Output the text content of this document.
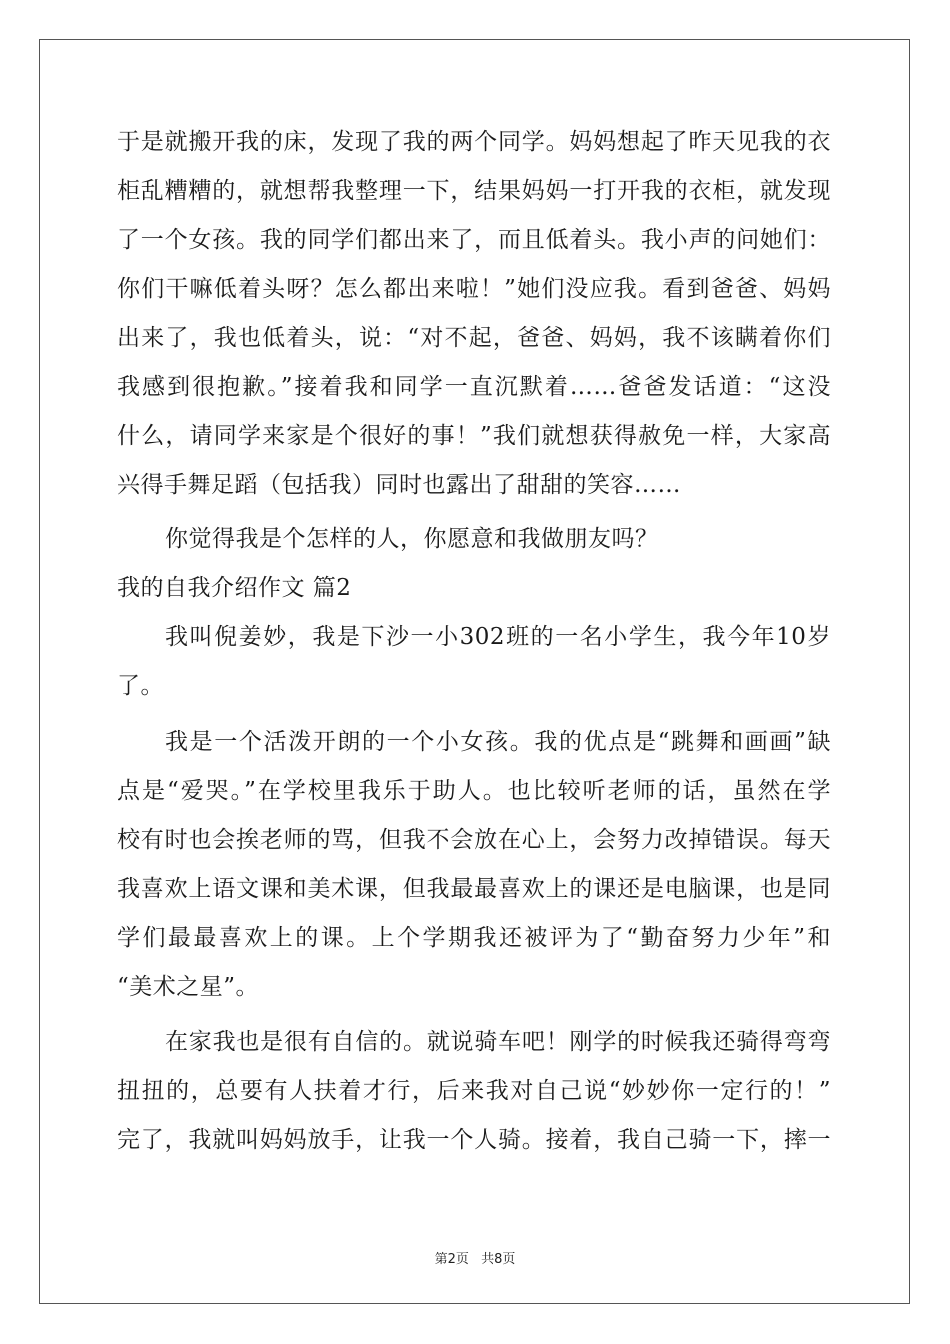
于是就搬开我的床，发现了我的两个同学。妈妈想起了昨天见我的衣
柜乱糟糟的，就想帮我整理一下，结果妈妈一打开我的衣柜，就发现
了一个女孩。我的同学们都出来了，而且低着头。我小声的问她们：
你们干嘛低着头呀？怎么都出来啦！”她们没应我。看到爸爸、妈妈
出来了，我也低着头，说：“对不起，爸爸、妈妈，我不该瞒着你们
我感到很抱歉。”接着我和同学一直沉默着……爸爸发话道：“这没
什么，请同学来家是个很好的事！”我们就想获得赦免一样，大家高
兴得手舞足蹈（包括我）同时也露出了甜甜的笑容……
你觉得我是个怎样的人，你愿意和我做朋友吗？
我的自我介绍作文 篇2
我叫倪姜妙，我是下沙一小302班的一名小学生，我今年10岁
了。
我是一个活泼开朗的一个小女孩。我的优点是“跳舞和画画”缺
点是“爱哭。”在学校里我乐于助人。也比较听老师的话，虽然在学
校有时也会挨老师的骂，但我不会放在心上，会努力改掉错误。每天
我喜欢上语文课和美术课，但我最最喜欢上的课还是电脑课，也是同
学们最最喜欢上的课。上个学期我还被评为了“勤奋努力少年”和
“美术之星”。
在家我也是很有自信的。就说骑车吧！刚学的时候我还骑得弯弯
扭扭的，总要有人扶着才行，后来我对自己说“妙妙你一定行的！”
完了，我就叫妈妈放手，让我一个人骑。接着，我自己骑一下，摔一
第2页 共8页
